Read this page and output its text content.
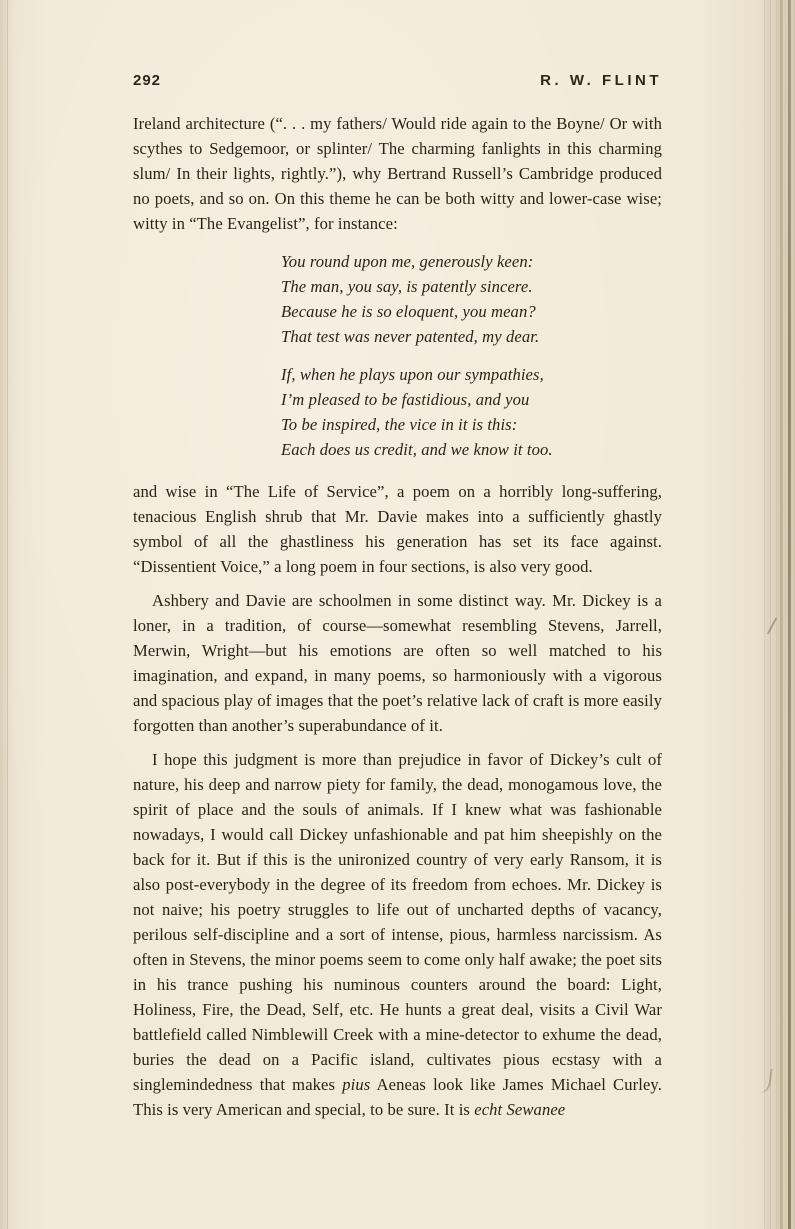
292	R. W. FLINT

Ireland architecture (“. . . my fathers/ Would ride again to the Boyne/ Or with scythes to Sedgemoor, or splinter/ The charming fanlights in this charming slum/ In their lights, rightly.”), why Bertrand Russell’s Cambridge produced no poets, and so on. On this theme he can be both witty and lower-case wise; witty in “The Evangelist”, for instance:

You round upon me, generously keen:
The man, you say, is patently sincere.
Because he is so eloquent, you mean?
That test was never patented, my dear.
If, when he plays upon our sympathies,
I’m pleased to be fastidious, and you
To be inspired, the vice in it is this:
Each does us credit, and we know it too.

and wise in “The Life of Service”, a poem on a horribly long-suffering, tenacious English shrub that Mr. Davie makes into a sufficiently ghastly symbol of all the ghastliness his generation has set its face against. “Dissentient Voice,” a long poem in four sections, is also very good.

Ashbery and Davie are schoolmen in some distinct way. Mr. Dickey is a loner, in a tradition, of course—somewhat resembling Stevens, Jarrell, Merwin, Wright—but his emotions are often so well matched to his imagination, and expand, in many poems, so harmoniously with a vigorous and spacious play of images that the poet’s relative lack of craft is more easily forgotten than another’s superabundance of it.

I hope this judgment is more than prejudice in favor of Dickey’s cult of nature, his deep and narrow piety for family, the dead, monogamous love, the spirit of place and the souls of animals. If I knew what was fashionable nowadays, I would call Dickey unfashionable and pat him sheepishly on the back for it. But if this is the unironized country of very early Ransom, it is also post-everybody in the degree of its freedom from echoes. Mr. Dickey is not naive; his poetry struggles to life out of uncharted depths of vacancy, perilous self-discipline and a sort of intense, pious, harmless narcissism. As often in Stevens, the minor poems seem to come only half awake; the poet sits in his trance pushing his numinous counters around the board: Light, Holiness, Fire, the Dead, Self, etc. He hunts a great deal, visits a Civil War battlefield called Nimblewill Creek with a mine-detector to exhume the dead, buries the dead on a Pacific island, cultivates pious ecstasy with a singlemindedness that makes pius Aeneas look like James Michael Curley. This is very American and special, to be sure. It is echt Sewanee
